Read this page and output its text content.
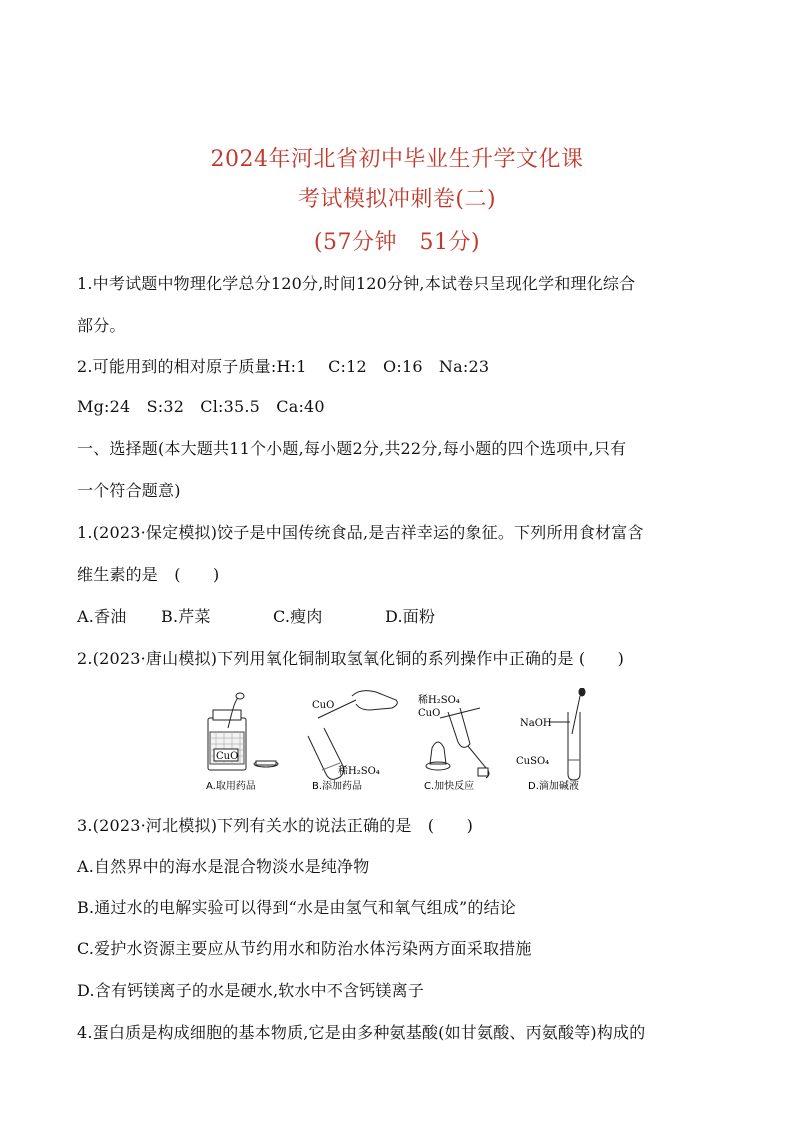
2024年河北省初中毕业生升学文化课
考试模拟冲刺卷(二)
(57分钟　51分)
1.中考试题中物理化学总分120分,时间120分钟,本试卷只呈现化学和理化综合
部分。
2.可能用到的相对原子质量:H:1　 C:12　O:16　Na:23
Mg:24　S:32　Cl:35.5　Ca:40
一、选择题(本大题共11个小题,每小题2分,共22分,每小题的四个选项中,只有
一个符合题意)
1.(2023·保定模拟)饺子是中国传统食品,是吉祥幸运的象征。下列所用食材富含
维生素的是　(　　)
A.香油 B.芹菜	C.瘦肉	D.面粉
2.(2023·唐山模拟)下列用氧化铜制取氢氧化铜的系列操作中正确的是 (　　)
CuO
A.取用药品
CuO
稀H₂SO₄
B.添加药品
稀H₂SO₄
CuO
C.加快反应
NaOH
CuSO₄
D.滴加碱液
3.(2023·河北模拟)下列有关水的说法正确的是　(　　)
A.自然界中的海水是混合物淡水是纯净物
B.通过水的电解实验可以得到“水是由氢气和氧气组成”的结论
C.爱护水资源主要应从节约用水和防治水体污染两方面采取措施
D.含有钙镁离子的水是硬水,软水中不含钙镁离子
4.蛋白质是构成细胞的基本物质,它是由多种氨基酸(如甘氨酸、丙氨酸等)构成的
